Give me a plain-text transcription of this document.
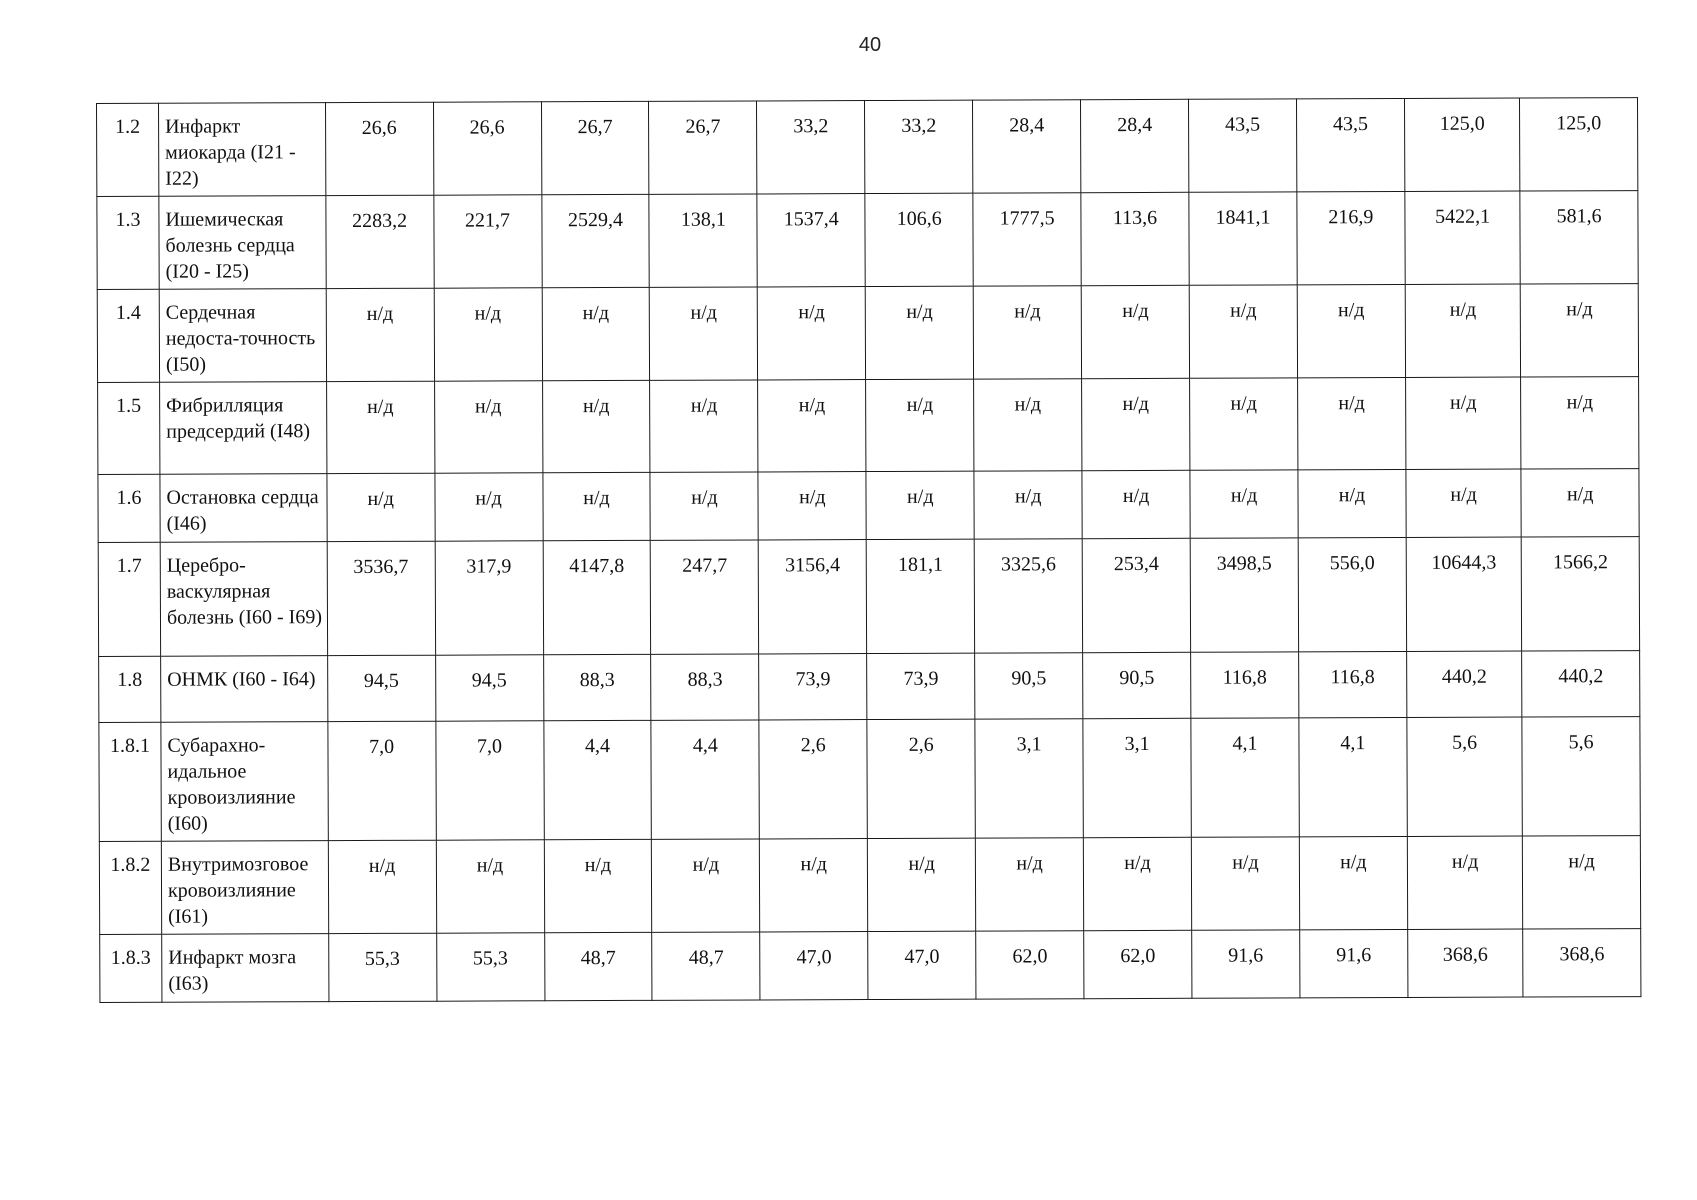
40
1.2	Инфаркт миокарда (I21 - I22)	26,6	26,6	26,7	26,7	33,2	33,2	28,4	28,4	43,5	43,5	125,0	125,0
1.3	Ишемическая болезнь сердца (I20 - I25)	2283,2	221,7	2529,4	138,1	1537,4	106,6	1777,5	113,6	1841,1	216,9	5422,1	581,6
1.4	Сердечная недоста-точность (I50)	н/д	н/д	н/д	н/д	н/д	н/д	н/д	н/д	н/д	н/д	н/д	н/д
1.5	Фибрилляция предсердий (I48)	н/д	н/д	н/д	н/д	н/д	н/д	н/д	н/д	н/д	н/д	н/д	н/д
1.6	Остановка сердца (I46)	н/д	н/д	н/д	н/д	н/д	н/д	н/д	н/д	н/д	н/д	н/д	н/д
1.7	Церебро-васкулярная болезнь (I60 - I69)	3536,7	317,9	4147,8	247,7	3156,4	181,1	3325,6	253,4	3498,5	556,0	10644,3	1566,2
1.8	ОНМК (I60 - I64)	94,5	94,5	88,3	88,3	73,9	73,9	90,5	90,5	116,8	116,8	440,2	440,2
1.8.1	Субарахно-идальное кровоизлияние (I60)	7,0	7,0	4,4	4,4	2,6	2,6	3,1	3,1	4,1	4,1	5,6	5,6
1.8.2	Внутримозговое кровоизлияние (I61)	н/д	н/д	н/д	н/д	н/д	н/д	н/д	н/д	н/д	н/д	н/д	н/д
1.8.3	Инфаркт мозга (I63)	55,3	55,3	48,7	48,7	47,0	47,0	62,0	62,0	91,6	91,6	368,6	368,6
